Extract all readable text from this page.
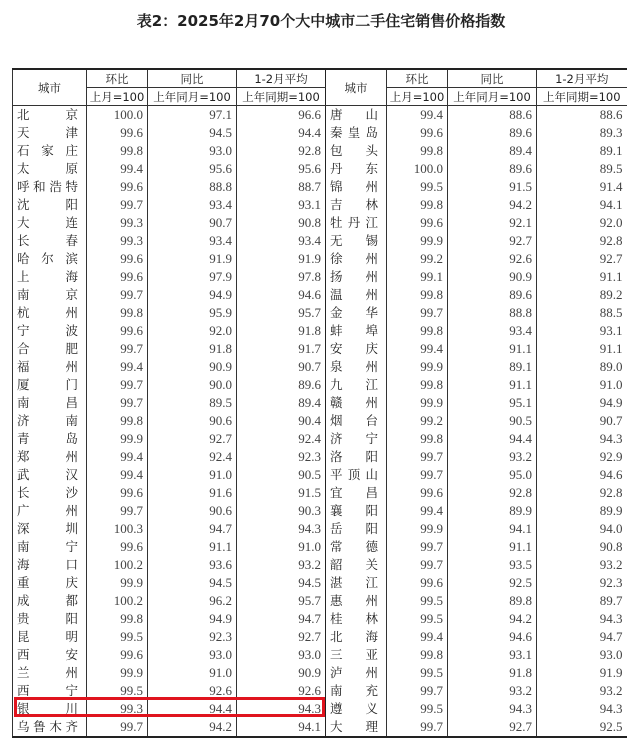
表2：2025年2月70个大中城市二手住宅销售价格指数
城市	环比	同比	1-2月平均	城市	环比	同比	1-2月平均
	上月=100	上年同月=100	上年同期=100		上月=100	上年同月=100	上年同期=100
北京	100.0	97.1	96.6	唐山	99.4	88.6	88.6
天津	99.6	94.5	94.4	秦皇岛	99.6	89.6	89.3
石家庄	99.8	93.0	92.8	包头	99.8	89.4	89.1
太原	99.4	95.6	95.6	丹东	100.0	89.6	89.5
呼和浩特	99.6	88.8	88.7	锦州	99.5	91.5	91.4
沈阳	99.7	93.4	93.1	吉林	99.8	94.2	94.1
大连	99.3	90.7	90.8	牡丹江	99.6	92.1	92.0
长春	99.3	93.4	93.4	无锡	99.9	92.7	92.8
哈尔滨	99.6	91.9	91.9	徐州	99.2	92.6	92.7
上海	99.6	97.9	97.8	扬州	99.1	90.9	91.1
南京	99.7	94.9	94.6	温州	99.8	89.6	89.2
杭州	99.8	95.9	95.7	金华	99.7	88.8	88.5
宁波	99.6	92.0	91.8	蚌埠	99.8	93.4	93.1
合肥	99.7	91.8	91.7	安庆	99.4	91.1	91.1
福州	99.4	90.9	90.7	泉州	99.9	89.1	89.0
厦门	99.7	90.0	89.6	九江	99.8	91.1	91.0
南昌	99.7	89.5	89.4	赣州	99.9	95.1	94.9
济南	99.8	90.6	90.4	烟台	99.2	90.5	90.7
青岛	99.9	92.7	92.4	济宁	99.8	94.4	94.3
郑州	99.4	92.4	92.3	洛阳	99.7	93.2	92.9
武汉	99.4	91.0	90.5	平顶山	99.7	95.0	94.6
长沙	99.6	91.6	91.5	宜昌	99.6	92.8	92.8
广州	99.7	90.6	90.3	襄阳	99.4	89.9	89.9
深圳	100.3	94.7	94.3	岳阳	99.9	94.1	94.0
南宁	99.6	91.1	91.0	常德	99.7	91.1	90.8
海口	100.2	93.6	93.2	韶关	99.7	93.5	93.2
重庆	99.9	94.5	94.5	湛江	99.6	92.5	92.3
成都	100.2	96.2	95.7	惠州	99.5	89.8	89.7
贵阳	99.8	94.9	94.7	桂林	99.5	94.2	94.3
昆明	99.5	92.3	92.7	北海	99.4	94.6	94.7
西安	99.6	93.0	93.0	三亚	99.8	93.1	93.0
兰州	99.9	91.0	90.9	泸州	99.5	91.8	91.9
西宁	99.5	92.6	92.6	南充	99.7	93.2	93.2
银川	99.3	94.4	94.3	遵义	99.5	94.3	94.3
乌鲁木齐	99.7	94.2	94.1	大理	99.7	92.7	92.5
